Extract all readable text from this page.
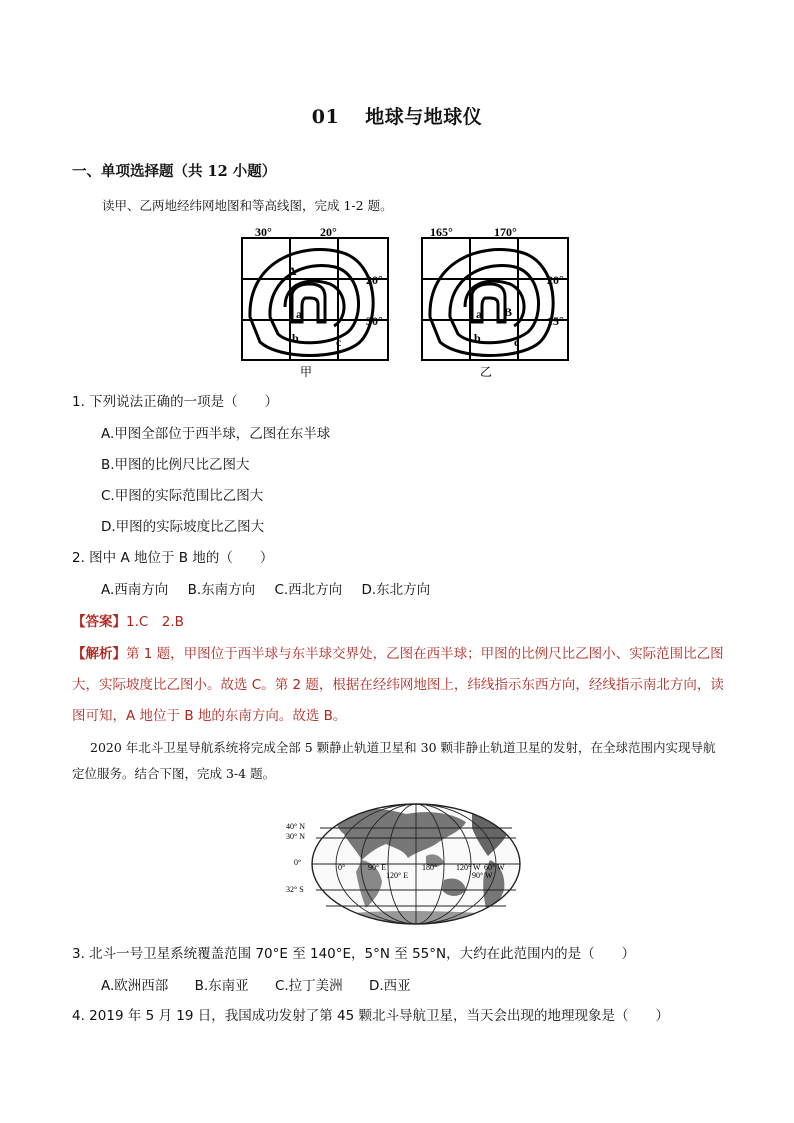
01 地球与地球仪
一、单项选择题（共 12 小题）
读甲、乙两地经纬网地图和等高线图，完成 1-2 题。
30°	20°
20°
30°
A
a
b	c
甲
165°	170°
20°
15°
B
a
b	c
乙
1. 下列说法正确的一项是（　　）
A.甲图全部位于西半球，乙图在东半球
B.甲图的比例尺比乙图大
C.甲图的实际范围比乙图大
D.甲图的实际坡度比乙图大
2. 图中 A 地位于 B 地的（　　）
A.西南方向 B.东南方向 C.西北方向 D.东北方向
【答案】1.C　2.B
【解析】第 1 题，甲图位于西半球与东半球交界处，乙图在西半球；甲图的比例尺比乙图小、实际范围比乙图大，实际坡度比乙图小。故选 C。第 2 题，根据在经纬网地图上，纬线指示东西方向，经线指示南北方向，读图可知，A 地位于 B 地的东南方向。故选 B。
2020 年北斗卫星导航系统将完成全部 5 颗静止轨道卫星和 30 颗非静止轨道卫星的发射，在全球范围内实现导航定位服务。结合下图，完成 3-4 题。
40° N
30° N
0°
32° S
0°	90° E
120° E
180° 120° W 60° W
90° W
3. 北斗一号卫星系统覆盖范围 70°E 至 140°E，5°N 至 55°N，大约在此范围内的是（　　）
A.欧洲西部 B.东南亚 C.拉丁美洲 D.西亚
4. 2019 年 5 月 19 日，我国成功发射了第 45 颗北斗导航卫星，当天会出现的地理现象是（　　）
